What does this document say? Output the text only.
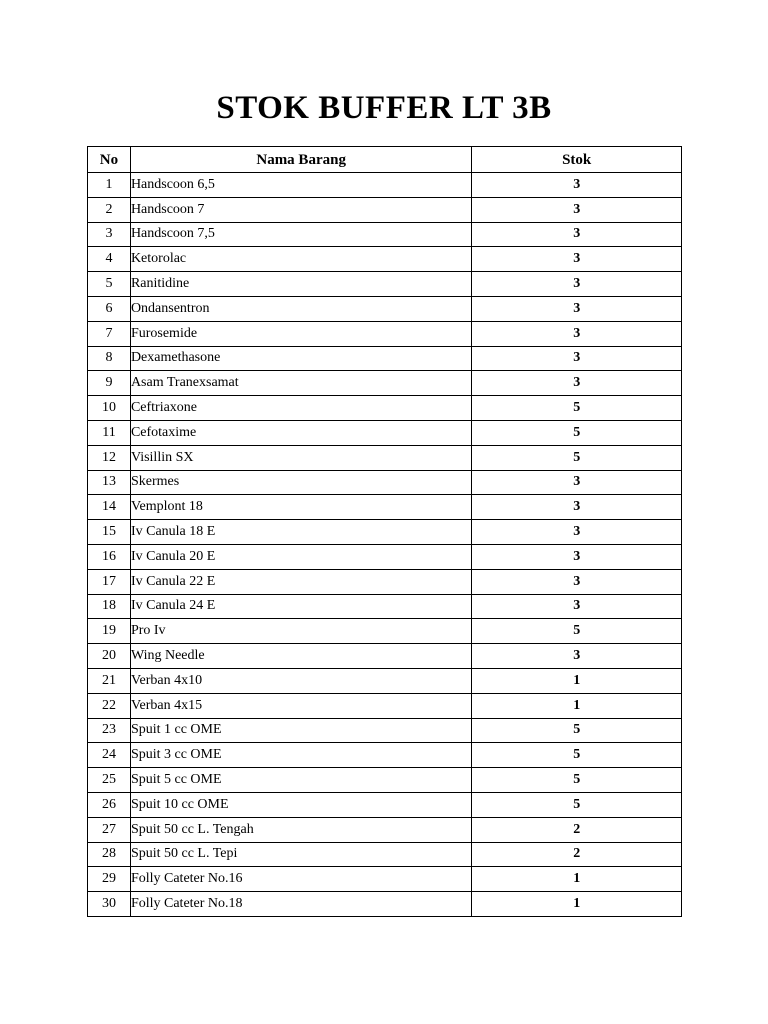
STOK BUFFER LT 3B
No	Nama Barang	Stok
1	Handscoon 6,5	3
2	Handscoon 7	3
3	Handscoon 7,5	3
4	Ketorolac	3
5	Ranitidine	3
6	Ondansentron	3
7	Furosemide	3
8	Dexamethasone	3
9	Asam Tranexsamat	3
10	Ceftriaxone	5
11	Cefotaxime	5
12	Visillin SX	5
13	Skermes	3
14	Vemplont 18	3
15	Iv Canula 18 E	3
16	Iv Canula 20 E	3
17	Iv Canula 22 E	3
18	Iv Canula 24 E	3
19	Pro Iv	5
20	Wing Needle	3
21	Verban 4x10	1
22	Verban 4x15	1
23	Spuit 1 cc OME	5
24	Spuit 3 cc OME	5
25	Spuit 5 cc OME	5
26	Spuit 10 cc OME	5
27	Spuit 50 cc L. Tengah	2
28	Spuit 50 cc L. Tepi	2
29	Folly Cateter No.16	1
30	Folly Cateter No.18	1
